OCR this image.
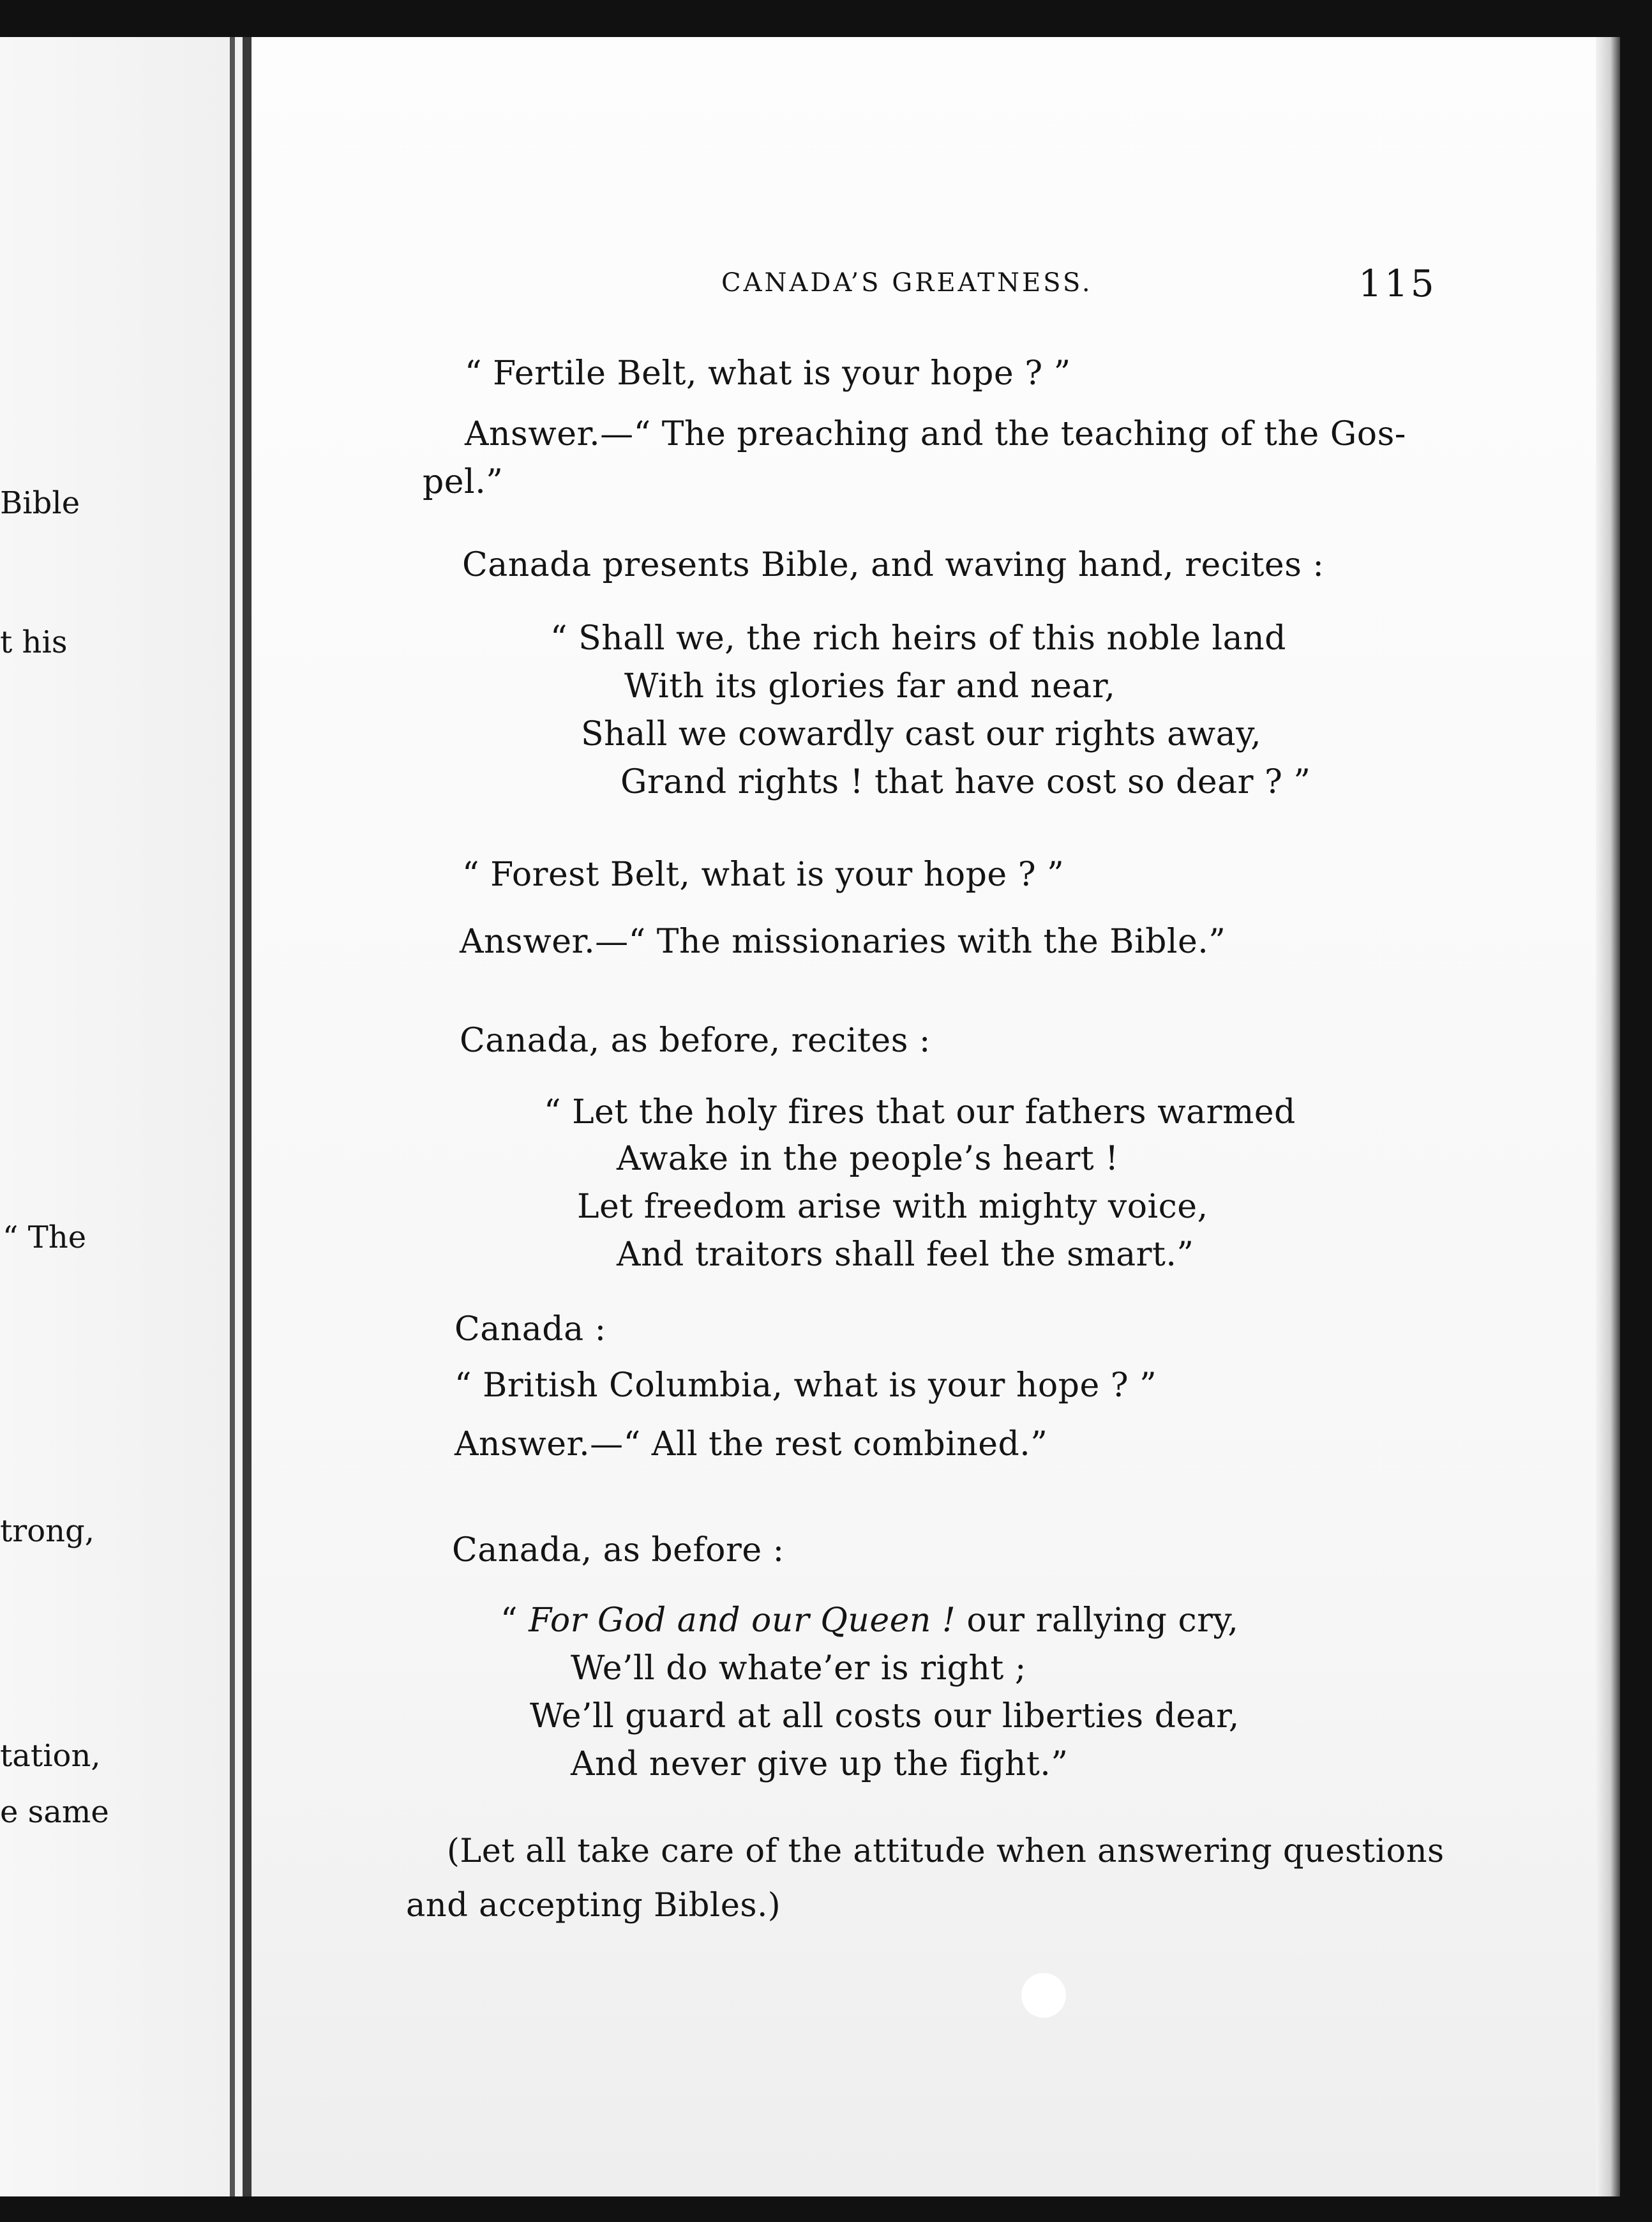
Bible
t his
“ The
trong,
tation,
e same
CANADA’S GREATNESS.	115
“ Fertile Belt, what is your hope ? ”
Answer.—“ The preaching and the teaching of the Gos-
pel.”
Canada presents Bible, and waving hand, recites :
“ Shall we, the rich heirs of this noble land
With its glories far and near,
Shall we cowardly cast our rights away,
Grand rights ! that have cost so dear ? ”
“ Forest Belt, what is your hope ? ”
Answer.—“ The missionaries with the Bible.”
Canada, as before, recites :
“ Let the holy fires that our fathers warmed
Awake in the people’s heart !
Let freedom arise with mighty voice,
And traitors shall feel the smart.”
Canada :
“ British Columbia, what is your hope ? ”
Answer.—“ All the rest combined.”
Canada, as before :
“ For God and our Queen ! our rallying cry,
We’ll do whate’er is right ;
We’ll guard at all costs our liberties dear,
And never give up the fight.”
(Let all take care of the attitude when answering questions
and accepting Bibles.)
